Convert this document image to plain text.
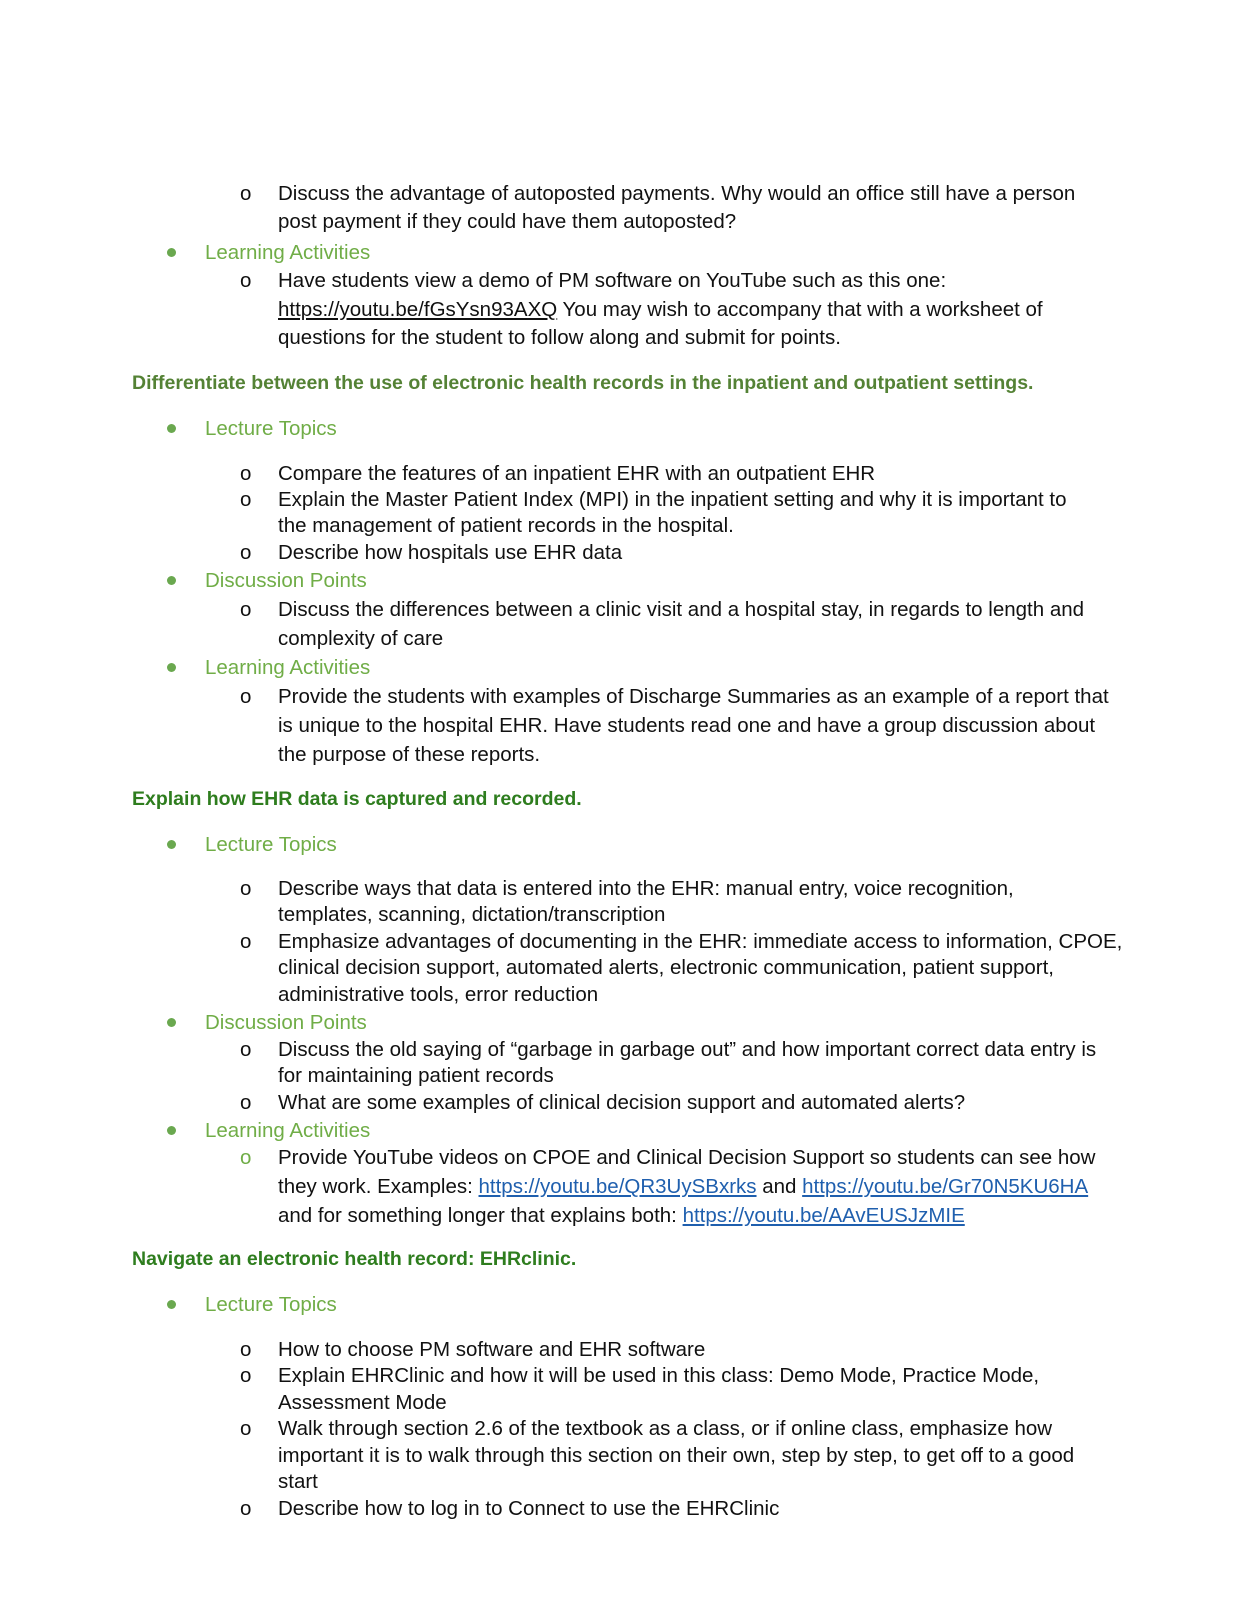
o Discuss the advantage of autoposted payments. Why would an office still have a person
post payment if they could have them autoposted?
Learning Activities
o Have students view a demo of PM software on YouTube such as this one:
https://youtu.be/fGsYsn93AXQ You may wish to accompany that with a worksheet of
questions for the student to follow along and submit for points.
Differentiate between the use of electronic health records in the inpatient and outpatient settings.
Lecture Topics
o Compare the features of an inpatient EHR with an outpatient EHR
o Explain the Master Patient Index (MPI) in the inpatient setting and why it is important to
the management of patient records in the hospital.
o Describe how hospitals use EHR data
Discussion Points
o Discuss the differences between a clinic visit and a hospital stay, in regards to length and
complexity of care
Learning Activities
o Provide the students with examples of Discharge Summaries as an example of a report that
is unique to the hospital EHR. Have students read one and have a group discussion about
the purpose of these reports.
Explain how EHR data is captured and recorded.
Lecture Topics
o Describe ways that data is entered into the EHR: manual entry, voice recognition,
templates, scanning, dictation/transcription
o Emphasize advantages of documenting in the EHR: immediate access to information, CPOE,
clinical decision support, automated alerts, electronic communication, patient support,
administrative tools, error reduction
Discussion Points
o Discuss the old saying of “garbage in garbage out” and how important correct data entry is
for maintaining patient records
o What are some examples of clinical decision support and automated alerts?
Learning Activities
o Provide YouTube videos on CPOE and Clinical Decision Support so students can see how
they work. Examples: https://youtu.be/QR3UySBxrks and https://youtu.be/Gr70N5KU6HA
and for something longer that explains both: https://youtu.be/AAvEUSJzMIE
Navigate an electronic health record: EHRclinic.
Lecture Topics
o How to choose PM software and EHR software
o Explain EHRClinic and how it will be used in this class: Demo Mode, Practice Mode,
Assessment Mode
o Walk through section 2.6 of the textbook as a class, or if online class, emphasize how
important it is to walk through this section on their own, step by step, to get off to a good
start
o Describe how to log in to Connect to use the EHRClinic
